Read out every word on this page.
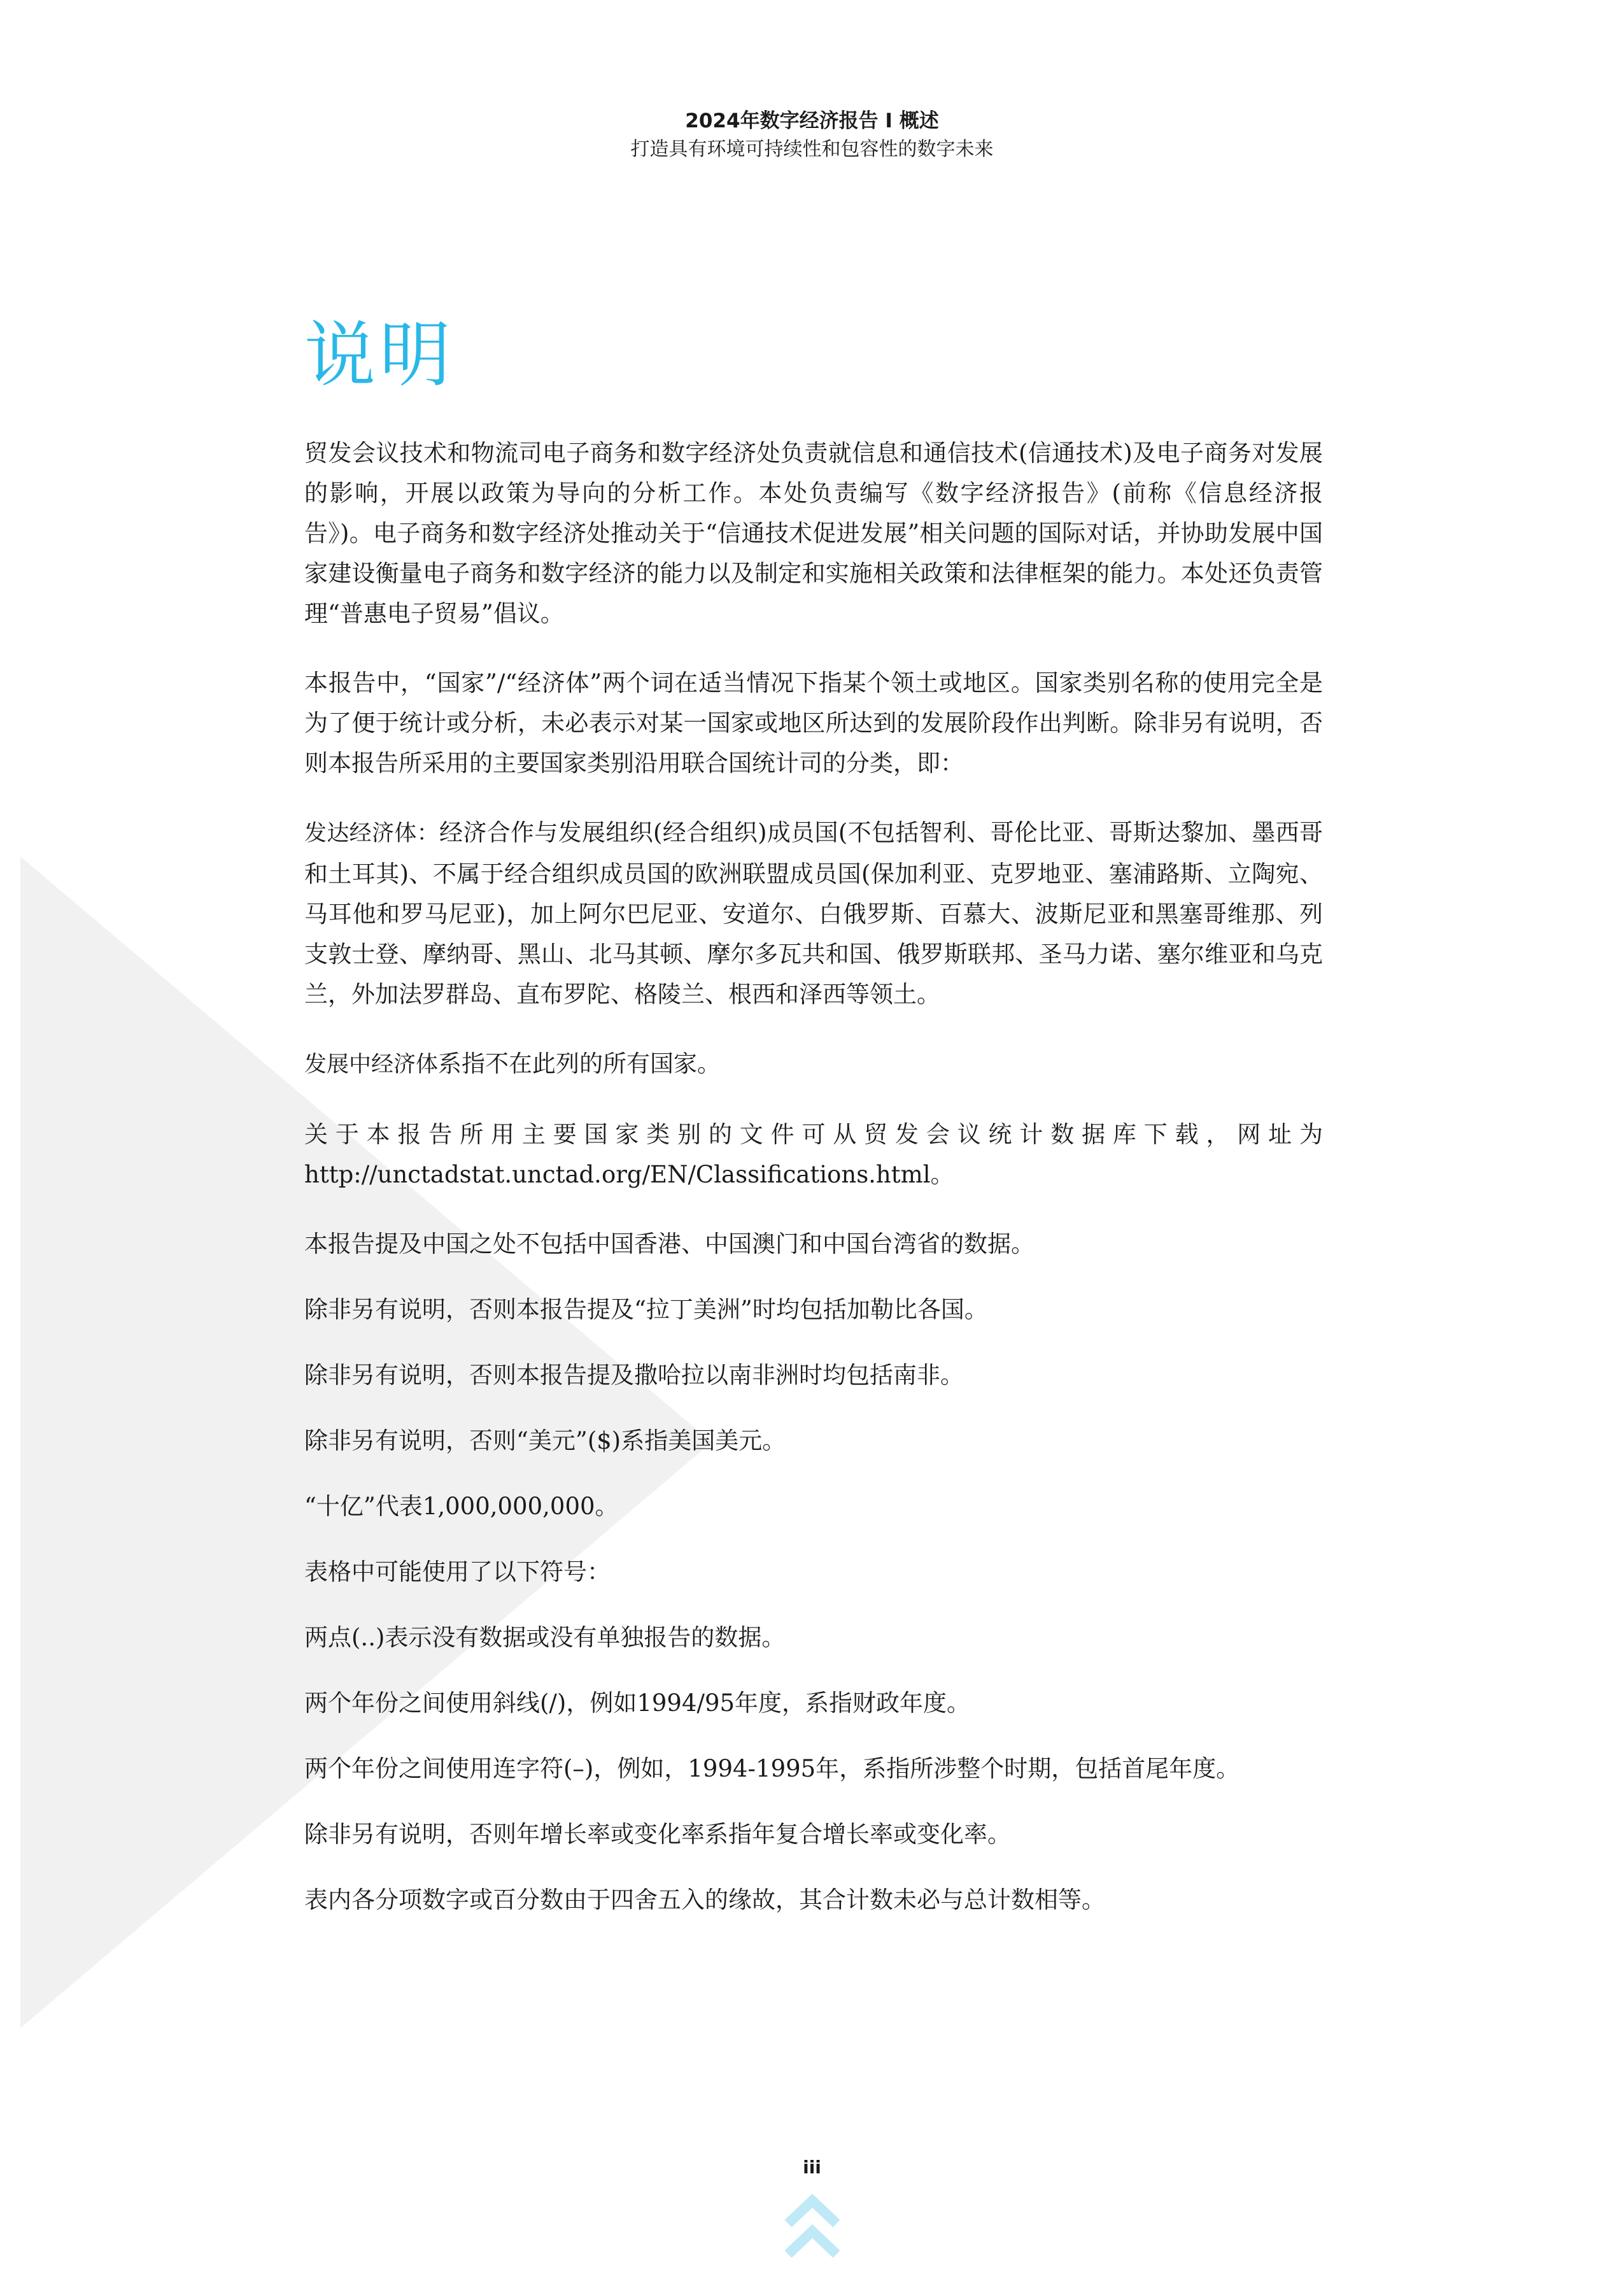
2024年数字经济报告 I 概述
打造具有环境可持续性和包容性的数字未来
说明

贸发会议技术和物流司电子商务和数字经济处负责就信息和通信技术(信通技术)及电子商务对发展的影响，开展以政策为导向的分析工作。本处负责编写《数字经济报告》(前称《信息经济报告》)。电子商务和数字经济处推动关于“信通技术促进发展”相关问题的国际对话，并协助发展中国家建设衡量电子商务和数字经济的能力以及制定和实施相关政策和法律框架的能力。本处还负责管理“普惠电子贸易”倡议。

本报告中，“国家”/“经济体”两个词在适当情况下指某个领土或地区。国家类别名称的使用完全是为了便于统计或分析，未必表示对某一国家或地区所达到的发展阶段作出判断。除非另有说明，否则本报告所采用的主要国家类别沿用联合国统计司的分类，即：

发达经济体：经济合作与发展组织(经合组织)成员国(不包括智利、哥伦比亚、哥斯达黎加、墨西哥和土耳其)、不属于经合组织成员国的欧洲联盟成员国(保加利亚、克罗地亚、塞浦路斯、立陶宛、马耳他和罗马尼亚)，加上阿尔巴尼亚、安道尔、白俄罗斯、百慕大、波斯尼亚和黑塞哥维那、列支敦士登、摩纳哥、黑山、北马其顿、摩尔多瓦共和国、俄罗斯联邦、圣马力诺、塞尔维亚和乌克兰，外加法罗群岛、直布罗陀、格陵兰、根西和泽西等领土。

发展中经济体系指不在此列的所有国家。

关于本报告所用主要国家类别的文件可从贸发会议统计数据库下载，网址为http://unctadstat.unctad.org/EN/Classifications.html。

本报告提及中国之处不包括中国香港、中国澳门和中国台湾省的数据。

除非另有说明，否则本报告提及“拉丁美洲”时均包括加勒比各国。

除非另有说明，否则本报告提及撒哈拉以南非洲时均包括南非。

除非另有说明，否则“美元”($)系指美国美元。

“十亿”代表1,000,000,000。

表格中可能使用了以下符号：

两点(..)表示没有数据或没有单独报告的数据。

两个年份之间使用斜线(/)，例如1994/95年度，系指财政年度。

两个年份之间使用连字符(–)，例如，1994-1995年，系指所涉整个时期，包括首尾年度。

除非另有说明，否则年增长率或变化率系指年复合增长率或变化率。

表内各分项数字或百分数由于四舍五入的缘故，其合计数未必与总计数相等。

iii
